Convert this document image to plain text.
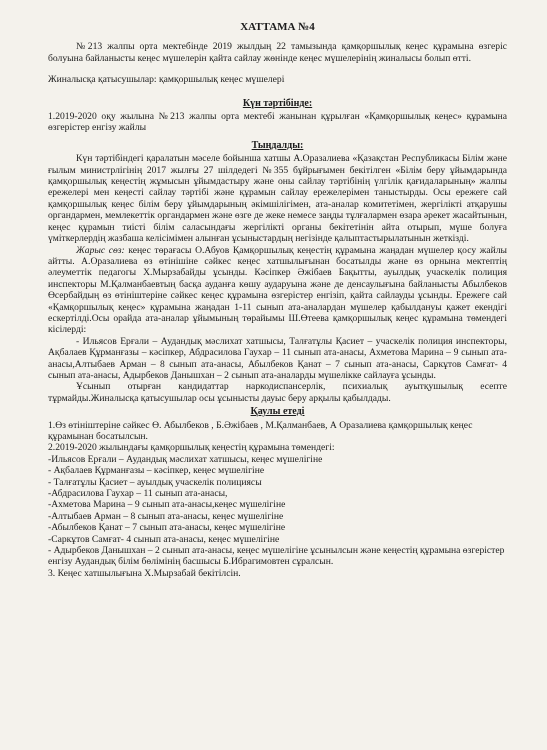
ХАТТАМА №4

№213 жалпы орта мектебінде 2019 жылдың 22 тамызында қамқоршылық кеңес құрамына өзгеріс болуына байланысты кеңес мүшелерін қайта сайлау жөнінде кеңес мүшелерінің жиналысы болып өтті.

Жиналысқа қатысушылар: қамқоршылық кеңес мүшелері

Күн тәртібінде:

1.2019-2020 оқу жылына №213 жалпы орта мектебі жанынан құрылған «Қамқоршылық кеңес» құрамына өзгерістер енгізу жайлы

Тыңдалды:

Күн тәртібіндегі қаралатын мәселе бойынша хатшы А.Оразалиева «Қазақстан Республикасы Білім және ғылым министрлігінің 2017 жылғы 27 шілдедегі №355 бұйрығымен бекітілген «Білім беру ұйымдарында қамқоршылық кеңестің жұмысын ұйымдастыру және оны сайлау тәртібінің үлгілік қағидаларының» жалпы ережелері мен кеңесті сайлау тәртібі және құрамын сайлау ережелерімен таныстырды. Осы ережеге сай қамқоршылық кеңес білім беру ұйымдарының әкімшілігімен, ата-аналар комитетімен, жергілікті атқарушы органдармен, мемлекеттік органдармен және өзге де жеке немесе заңды тұлғалармен өзара әрекет жасайтынын, кеңес құрамын тиісті білім саласындағы жергілікті органы бекітетінін айта отырып, мүше болуға үміткерлердің жазбаша келісімімен алынған ұсыныстардың негізінде қалыптастырылатынын жеткізді.

Жарыс сөз: кеңес төрағасы О.Абуов Қамқоршылық кеңестің құрамына жаңадан мүшелер қосу жайлы айтты. А.Оразалиева өз өтінішіне сәйкес кеңес хатшылығынан босатылды және өз орнына мектептің әлеуметтік педагогы Х.Мырзабайды ұсынды. Кәсіпкер Әжібаев Бақытты, ауылдық учаскелік полиция инспекторы М.Қалманбаевтың басқа ауданға көшу аударуына және де денсаулығына байланысты Абылбеков Өсербайдың өз өтініштеріне сәйкес кеңес құрамына өзгерістер енгізіп, қайта сайлауды ұсынды. Ережеге сай «Қамқоршылық кеңес» құрамына жаңадан 1-11 сынып ата-аналардан мүшелер қабылдануы қажет екендігі ескертілді.Осы орайда ата-аналар ұйымының төрайымы Ш.Өтеева қамқоршылық кеңес құрамына төмендегі кісілерді:

- Ильясов Ерғали – Аудандық мәслихат хатшысы, Талғатұлы Қасиет – учаскелік полиция инспекторы, Ақбалаев Құрманғазы – кәсіпкер, Абдрасилова Гаухар – 11 сынып ата-анасы, Ахметова Марина – 9 сынып ата-анасы,Алтыбаев Арман – 8 сынып ата-анасы, Абылбеков Қанат – 7 сынып ата-анасы, Саркұтов Самғат- 4 сынып ата-анасы, Адырбеков Данышхан – 2 сынып ата-аналарды мүшелікке сайлауға ұсынды.

Ұсынып отырған кандидаттар наркодиспансерлік, психиалық ауытқушылық есепте тұрмайды.Жиналысқа қатысушылар осы ұсынысты дауыс беру арқылы қабылдады.

Қаулы етеді

1.Өз өтініштеріне сәйкес Ө. Абылбеков , Б.Әжібаев , М.Қалманбаев, А Оразалиева қамқоршылық кеңес құрамынан босатылсын.

2.2019-2020 жылындағы қамқоршылық кеңестің құрамына төмендегі:

-Ильясов Ерғали – Аудандық мәслихат хатшысы, кеңес мүшелігіне

- Ақбалаев Құрманғазы – кәсіпкер, кеңес мүшелігіне

- Талғатұлы Қасиет – ауылдық учаскелік полициясы

-Абдрасилова Гаухар – 11 сынып ата-анасы,

-Ахметова Марина – 9 сынып ата-анасы,кеңес мүшелігіне

-Алтыбаев Арман – 8 сынып ата-анасы, кеңес мүшелігіне

-Абылбеков Қанат – 7 сынып ата-анасы, кеңес мүшелігіне

-Саркұтов Самғат- 4 сынып ата-анасы, кеңес мүшелігіне

- Адырбеков Данышхан – 2 сынып ата-анасы, кеңес мүшелігіне ұсынылсын және кеңестің құрамына өзгерістер енгізу Аудандық білім бөлімінің басшысы Б.Ибрагимовтен сұралсын.

3. Кеңес хатшылығына Х.Мырзабай бекітілсін.
